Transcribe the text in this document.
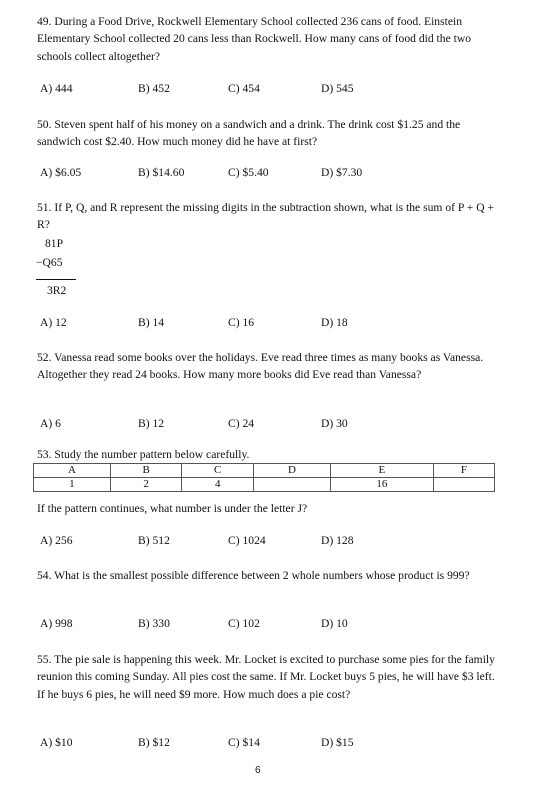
49. During a Food Drive, Rockwell Elementary School collected 236 cans of food. Einstein Elementary School collected 20 cans less than Rockwell. How many cans of food did the two schools collect altogether?

A) 444	B) 452	C) 454	D) 545

50. Steven spent half of his money on a sandwich and a drink. The drink cost $1.25 and the sandwich cost $2.40. How much money did he have at first?

A) $6.05	B) $14.60	C) $5.40	D) $7.30

51. If P, Q, and R represent the missing digits in the subtraction shown, what is the sum of P + Q + R?

81P
−Q65
3R2
A) 12	B) 14	C) 16	D) 18

52. Vanessa read some books over the holidays. Eve read three times as many books as Vanessa. Altogether they read 24 books. How many more books did Eve read than Vanessa?

A) 6	B) 12	C) 24	D) 30

53. Study the number pattern below carefully.

A	B	C	D	E	F
1	2	4		16	

If the pattern continues, what number is under the letter J?

A) 256	B) 512	C) 1024	D) 128

54. What is the smallest possible difference between 2 whole numbers whose product is 999?

A) 998	B) 330	C) 102	D) 10

55. The pie sale is happening this week. Mr. Locket is excited to purchase some pies for the family reunion this coming Sunday. All pies cost the same. If Mr. Locket buys 5 pies, he will have $3 left. If he buys 6 pies, he will need $9 more. How much does a pie cost?

A) $10	B) $12	C) $14	D) $15
6
